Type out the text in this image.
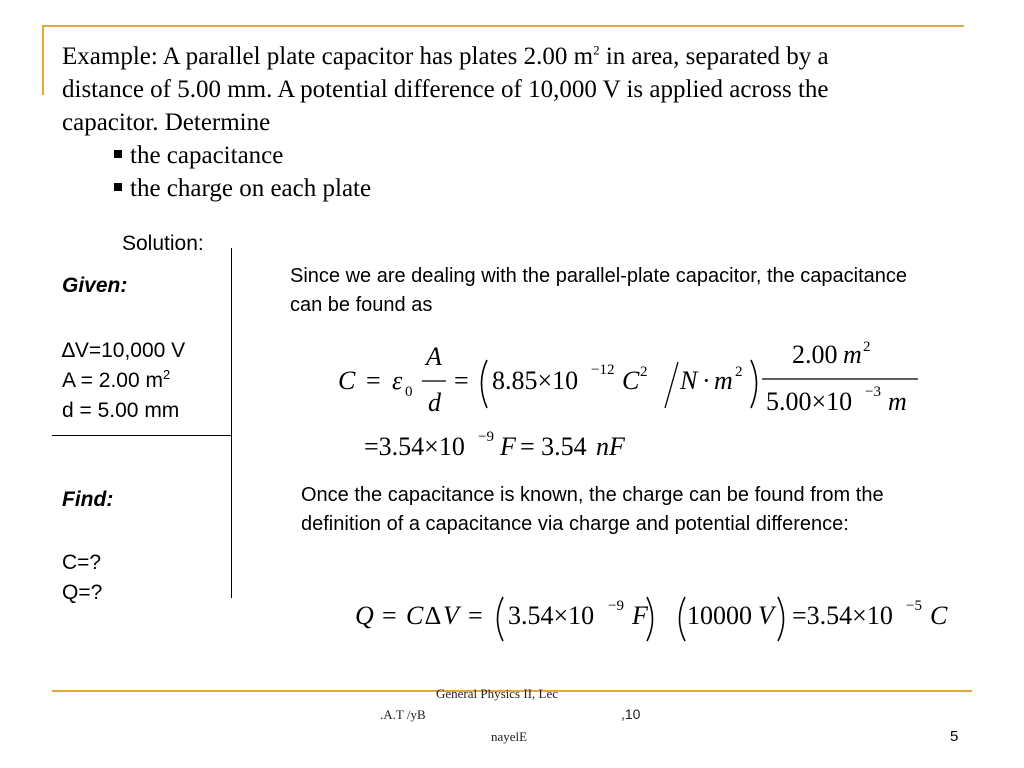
Example: A parallel plate capacitor has plates 2.00 $m^2$ in area, separated by a

distance of 5.00 mm. A potential difference of 10,000 V is applied across the

capacitor. Determine

the capacitance
the charge on each plate
Solution:
Given:
∆V=10,000 V
A = 2.00 $m^2$
d = 5.00 mm
Find:
C=?
Q=?
Since we are dealing with the parallel-plate capacitor, the capacitance can be found as
Once the capacitance is known, the charge can be found from the definition of a capacitance via charge and potential difference:
C = ε 0
A
d
= 8.85×10 −12 C 2 N · m 2
2.00 m 2
5.00×10 −3 m
=3.54×10 −9 F = 3.54 nF
Q = C ∆ V = 3.54×10 −9 F 10000 V =3.54×10 −5 C
General Physics II, Lec
,10
.A.T /yB
nayelE	5
